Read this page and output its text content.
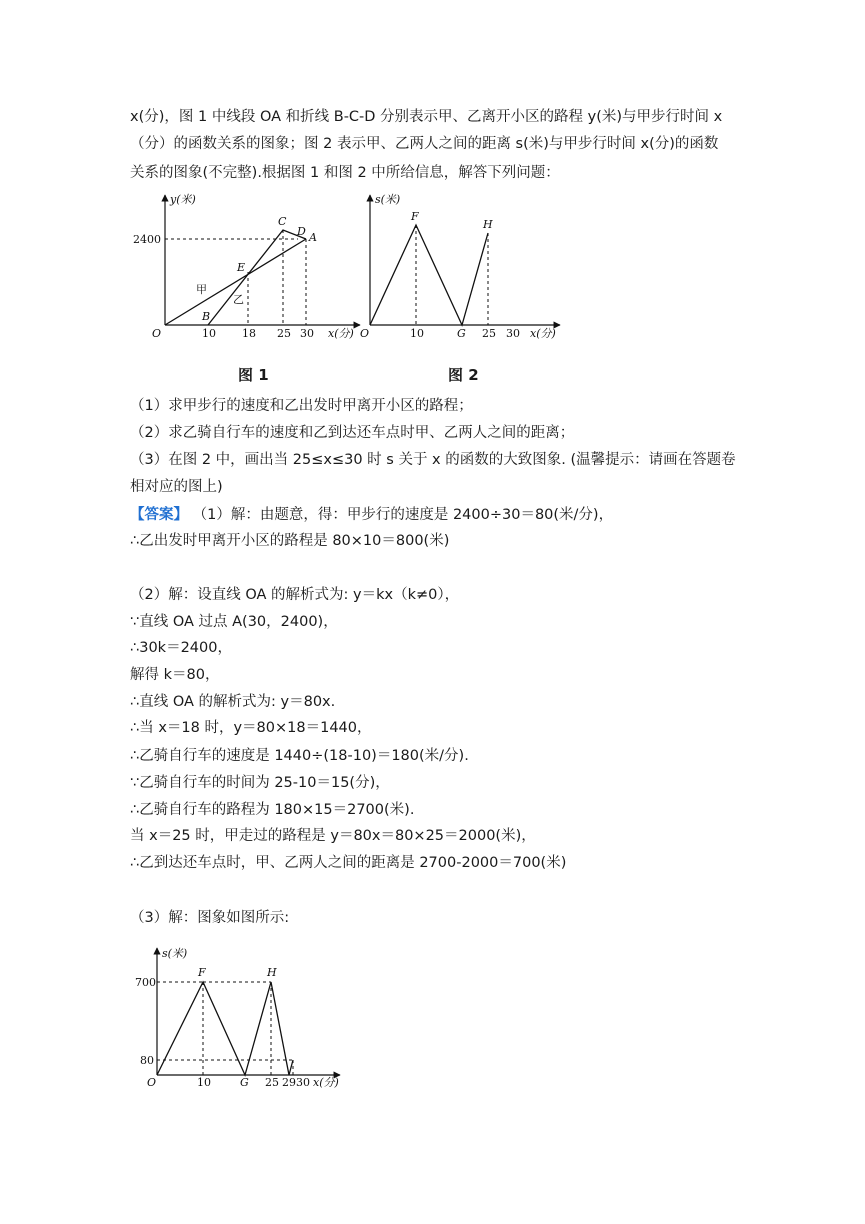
x(分)，图 1 中线段 OA 和折线 B-C-D 分别表示甲、乙离开小区的路程 y(米)与甲步行时间 x
（分）的函数关系的图象；图 2 表示甲、乙两人之间的距离 s(米)与甲步行时间 x(分)的函数
关系的图象(不完整).根据图 1 和图 2 中所给信息，解答下列问题：
y(米)
x(分)
O
2400
10 18 25 30
C
D A
E
B
甲
乙
图 1
s(米)
x(分)
O	10	25 30
F
G
H
图 2
（1）求甲步行的速度和乙出发时甲离开小区的路程；
（2）求乙骑自行车的速度和乙到达还车点时甲、乙两人之间的距离；
（3）在图 2 中，画出当 25≤x≤30 时 s 关于 x 的函数的大致图象. (温馨提示：请画在答题卷
相对应的图上)
【答案】 （1）解：由题意，得：甲步行的速度是 2400÷30＝80(米/分)，
∴乙出发时甲离开小区的路程是 80×10＝800(米)
（2）解：设直线 OA 的解析式为: y＝kx（k≠0），
∵直线 OA 过点 A(30，2400)，
∴30k＝2400，
解得 k＝80，
∴直线 OA 的解析式为: y＝80x.
∴当 x＝18 时，y＝80×18＝1440，
∴乙骑自行车的速度是 1440÷(18-10)＝180(米/分).
∵乙骑自行车的时间为 25-10＝15(分)，
∴乙骑自行车的路程为 180×15＝2700(米).
当 x＝25 时，甲走过的路程是 y＝80x＝80×25＝2000(米)，
∴乙到达还车点时，甲、乙两人之间的距离是 2700-2000＝700(米)
（3）解：图象如图所示:
s(米)
x(分)
O
700
80
10	25 29 30
F
G
H
